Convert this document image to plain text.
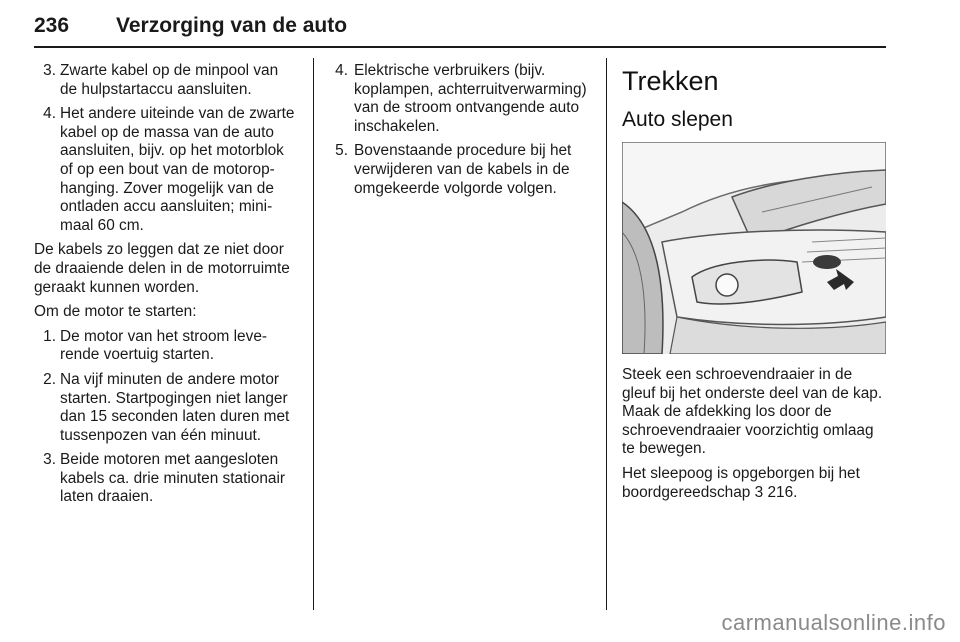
236 Verzorging van de auto
3. Zwarte kabel op de minpool van de hulpstartaccu aansluiten.
4. Het andere uiteinde van de zwarte kabel op de massa van de auto aansluiten, bijv. op het motorblok of op een bout van de motorophanging. Zover mogelijk van de ontladen accu aansluiten; minimaal 60 cm.

De kabels zo leggen dat ze niet door de draaiende delen in de motorruimte geraakt kunnen worden.

Om de motor te starten:

1. De motor van het stroom leverende voertuig starten.
2. Na vijf minuten de andere motor starten. Startpogingen niet langer dan 15 seconden laten duren met tussenpozen van één minuut.
3. Beide motoren met aangesloten kabels ca. drie minuten stationair laten draaien.
4. Elektrische verbruikers (bijv. koplampen, achterruitverwarming) van de stroom ontvangende auto inschakelen.
5. Bovenstaande procedure bij het verwijderen van de kabels in de omgekeerde volgorde volgen.
Trekken
Auto slepen

Steek een schroevendraaier in de gleuf bij het onderste deel van de kap. Maak de afdekking los door de schroevendraaier voorzichtig omlaag te bewegen.

Het sleepoog is opgeborgen bij het boordgereedschap 3 216.

carmanualsonline.info
